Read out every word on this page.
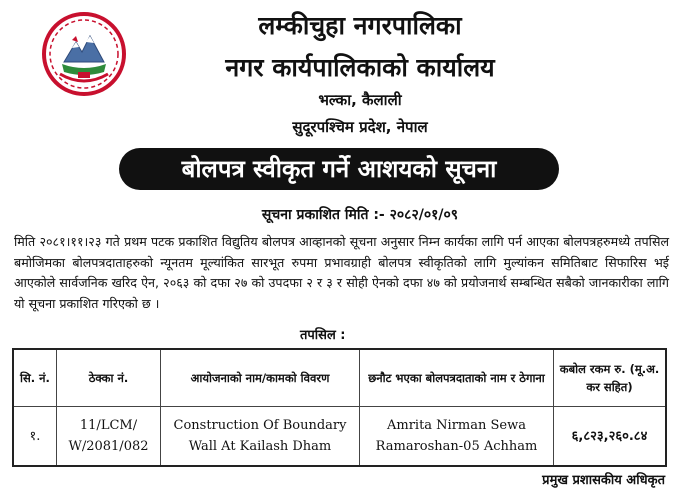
लम्कीचुहा नगरपालिका
नगर कार्यपालिकाको कार्यालय
भल्का, कैलाली
सुदूरपश्चिम प्रदेश, नेपाल
बोलपत्र स्वीकृत गर्ने आशयको सूचना
सूचना प्रकाशित मिति :- २०८२/०१/०९
मिति २०८१।११।२३ गते प्रथम पटक प्रकाशित विद्युतिय बोलपत्र आव्हानको सूचना अनुसार निम्न कार्यका लागि पर्न आएका बोलपत्रहरुमध्ये तपसिल बमोजिमका बोलपत्रदाताहरुको न्यूनतम मूल्यांकित सारभूत रुपमा प्रभावग्राही बोलपत्र स्वीकृतिको लागि मुल्यांकन समितिबाट सिफारिस भई आएकोले सार्वजनिक खरिद ऐन, २०६३ को दफा २७ को उपदफा २ र ३ र सोही ऐनको दफा ४७ को प्रयोजनार्थ सम्बन्धित सबैको जानकारीका लागि यो सूचना प्रकाशित गरिएको छ ।
तपसिल :
सि. नं.	ठेक्का नं.	आयोजनाको नाम/कामको विवरण	छनौट भएका बोलपत्रदाताको नाम र ठेगाना	कबोल रकम रु. (मू.अ. कर सहित)
१.	11/LCM/ W/2081/082	Construction Of Boundary Wall At Kailash Dham	Amrita Nirman Sewa Ramaroshan-05 Achham	६,८२३,२६०.८४
प्रमुख प्रशासकीय अधिकृत
